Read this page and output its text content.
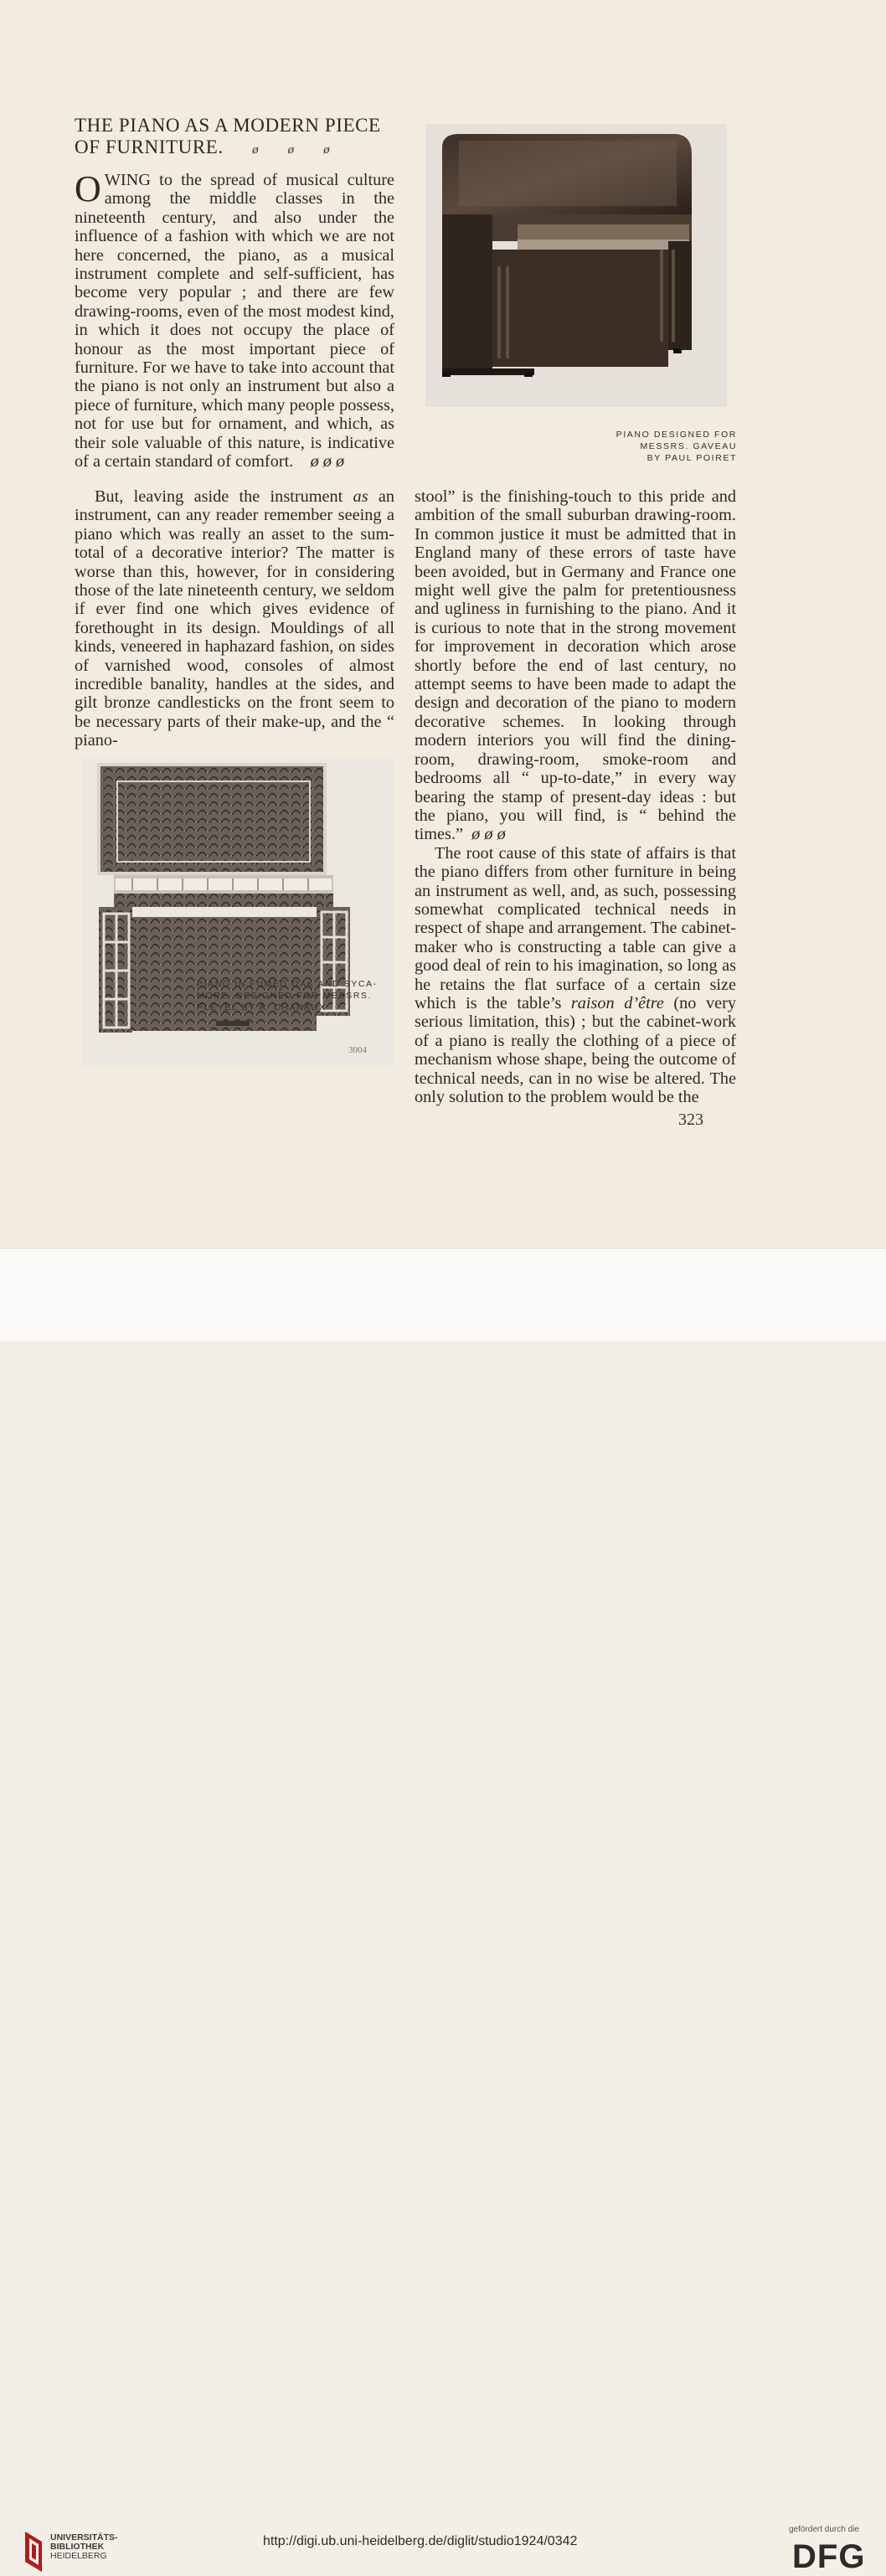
THE PIANO AS A MODERN PIECE
OF FURNITURE. ø ø ø

OWING to the spread of musical culture among the middle classes in the nineteenth century, and also under the influence of a fashion with which we are not here concerned, the piano, as a musical instrument complete and self-sufficient, has become very popular ; and there are few drawing-rooms, even of the most modest kind, in which it does not occupy the place of honour as the most important piece of furniture. For we have to take into account that the piano is not only an instrument but also a piece of furniture, which many people possess, not for use but for ornament, and which, as their sole valuable of this nature, is indicative of a certain standard of comfort. ø ø ø

But, leaving aside the instrument as an instrument, can any reader remember seeing a piano which was really an asset to the sum-total of a decorative interior? The matter is worse than this, however, for in considering those of the late nineteenth century, we seldom if ever find one which gives evidence of forethought in its design. Mouldings of all kinds, veneered in haphazard fashion, on sides of varnished wood, consoles of almost incredible banality, handles at the sides, and gilt bronze candlesticks on the front seem to be necessary parts of their make-up, and the “ piano-

stool” is the finishing-touch to this pride and ambition of the small suburban drawing-room. In common justice it must be admitted that in England many of these errors of taste have been avoided, but in Germany and France one might well give the palm for pretentiousness and ugliness in furnishing to the piano. And it is curious to note that in the strong movement for improvement in decoration which arose shortly before the end of last century, no attempt seems to have been made to adapt the design and decoration of the piano to modern decorative schemes. In looking through modern interiors you will find the dining-room, drawing-room, smoke-room and bedrooms all “ up-to-date,” in every way bearing the stamp of present-day ideas : but the piano, you will find, is “ behind the times.” ø ø ø

The root cause of this state of affairs is that the piano differs from other furniture in being an instrument as well, and, as such, possessing somewhat complicated technical needs in respect of shape and arrangement. The cabinet-maker who is constructing a table can give a good deal of rein to his imagination, so long as he retains the flat surface of a certain size which is the table’s raison d’être (no very serious limitation, this) ; but the cabinet-work of a piano is really the clothing of a piece of mechanism whose shape, being the outcome of technical needs, can in no wise be altered. The only solution to the problem would be the

PIANO DESIGNED FOR
MESSRS. GAVEAU
BY PAUL POIRET
3004
PIANO IN FUMED OAK AND SYCA-
MORE, DESIGNED FOR MESSRS.
PLEYEL BY A. CHANAUX
323
UNIVERSITÄTS-
BIBLIOTHEK
HEIDELBERG
http://digi.ub.uni-heidelberg.de/diglit/studio1924/0342
gefördert durch die
DFG
